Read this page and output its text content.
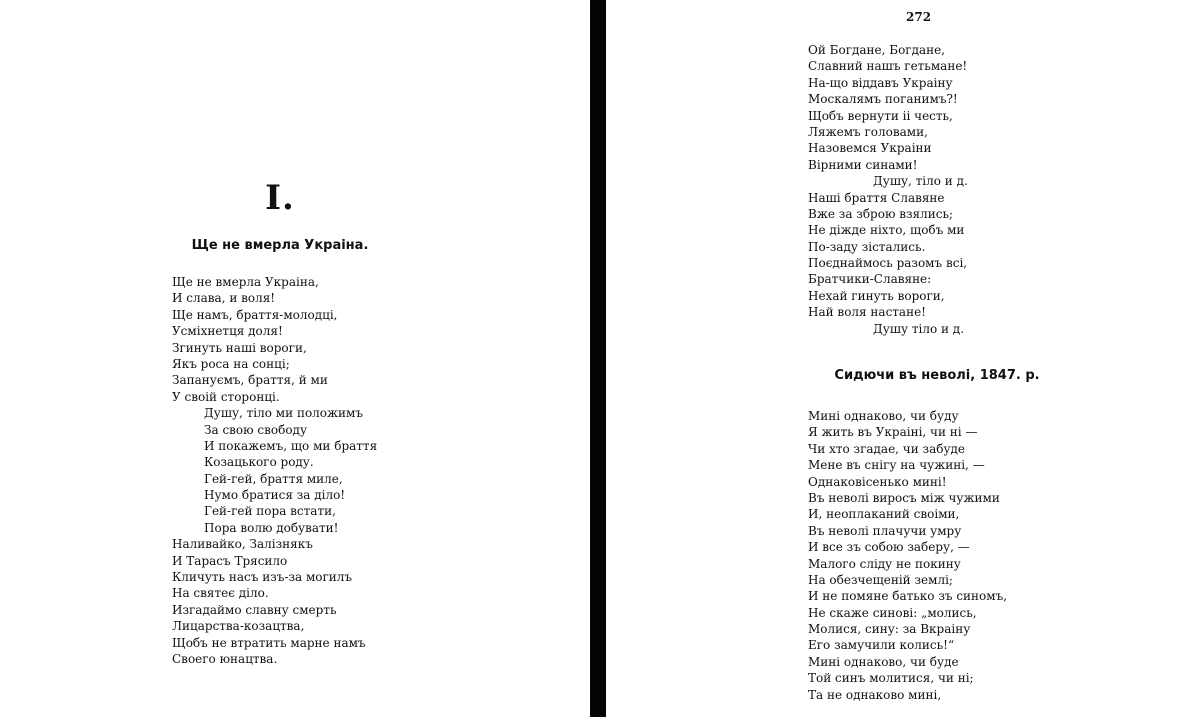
I.
Ще не вмерла Украіна.
Ще не вмерла Украіна,
И слава, и воля!
Ще намъ, браття-молодці,
Усміхнетця доля!
Згинуть наші вороги,
Якъ роса на сонці;
Запануємъ, браття, й ми
У своій сторонці.
Душу, тіло ми положимъ
За свою свободу
И покажемъ, що ми браття
Козацького роду.
Гей-гей, браття миле,
Нумо братися за діло!
Гей-гей пора встати,
Пора волю добувати!
Наливайко, Залізнякъ
И Тарасъ Трясило
Кличуть насъ изъ-за могилъ
На святеє діло.
Изгадаймо славну смерть
Лицарства-козацтва,
Щобъ не втратить марне намъ
Своего юнацтва.
272
Ой Богдане, Богдане,
Славний нашъ гетьмане!
На-що віддавъ Украіну
Москалямъ поганимъ?!
Щобъ вернути іі честь,
Ляжемъ головами,
Назовемся Украіни
Вірними синами!
Душу, тіло и д.
Наші браття Славяне
Вже за зброю взялись;
Не діжде ніхто, щобъ ми
По-заду зістались.
Поєднаймось разомъ всі,
Братчики-Славяне:
Нехай гинуть вороги,
Най воля настане!
Душу тіло и д.
Сидючи въ неволі, 1847. р.
Мині однаково, чи буду
Я жить въ Украіні, чи ні —
Чи хто згадае, чи забуде
Мене въ снігу на чужині, —
Однаковісенько мині!
Въ неволі виросъ між чужими
И, неоплаканий своіми,
Въ неволі плачучи умру
И все зъ собою заберу, —
Малого сліду не покину
На обезчещеній землі;
И не помяне батько зъ синомъ,
Не скаже синові: „молись,
Молися, сину: за Вкраіну
Его замучили колись!“
Мині однаково, чи буде
Той синъ молитися, чи ні;
Та не однаково мині,
